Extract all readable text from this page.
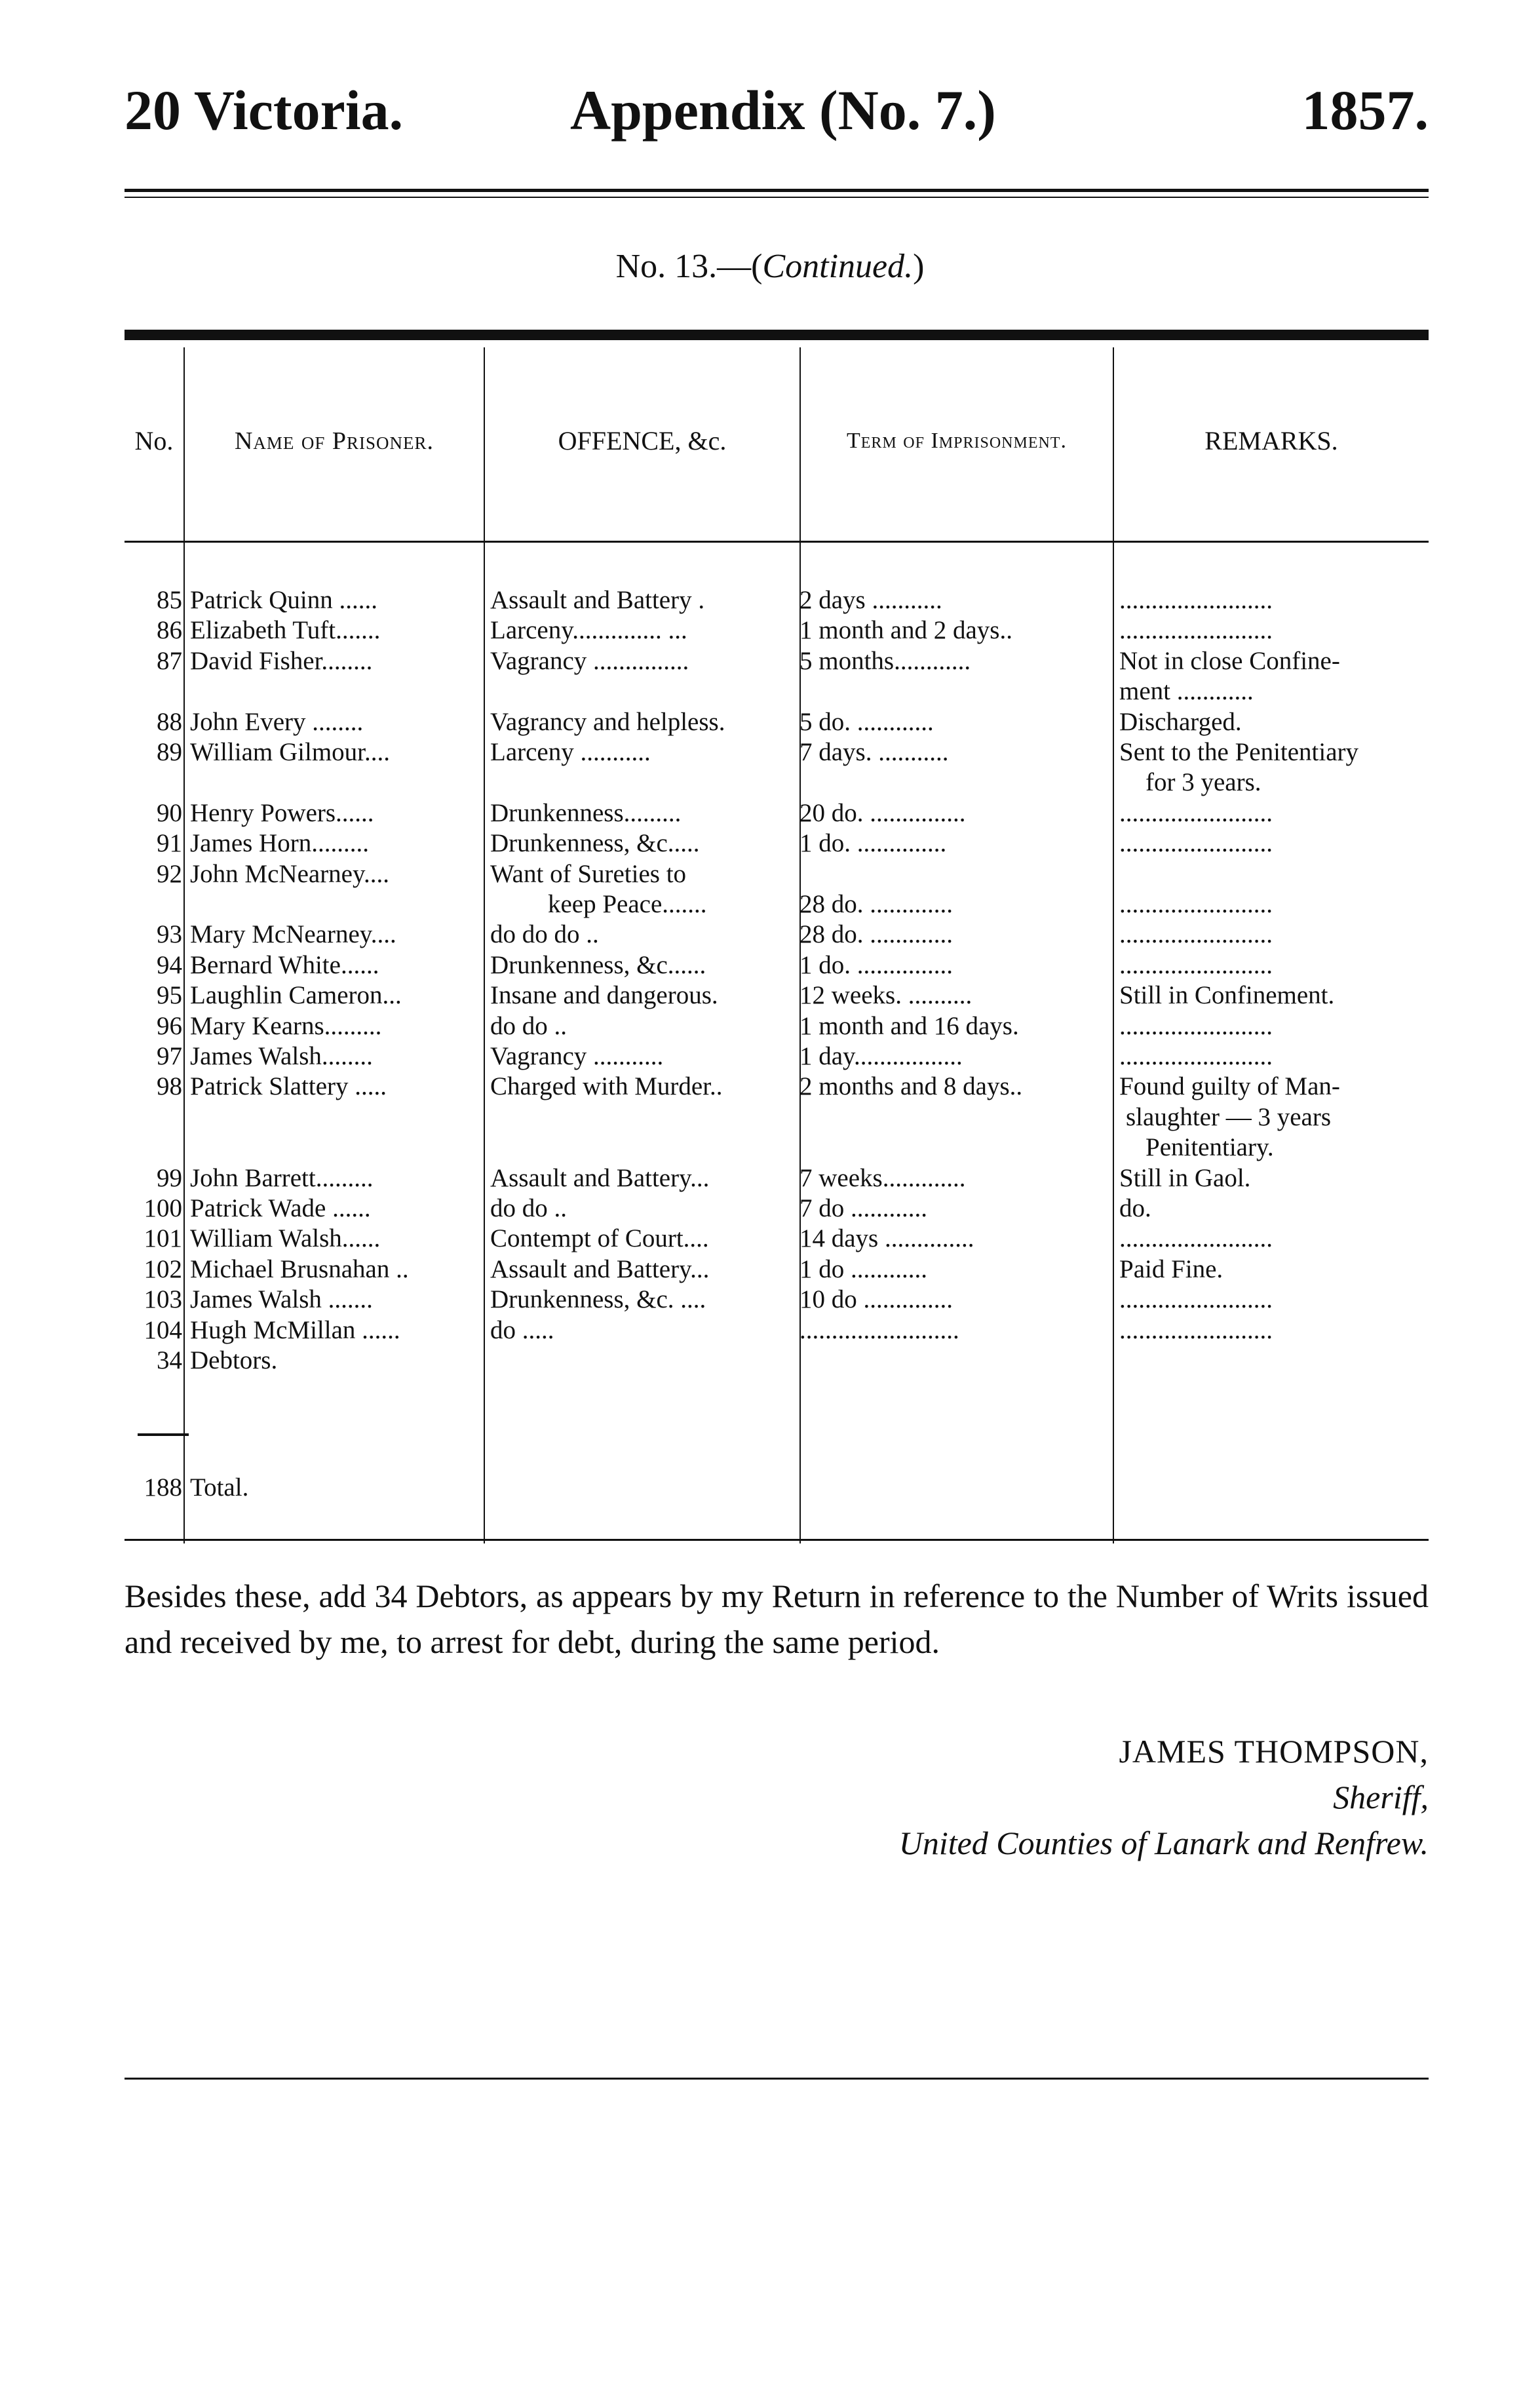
20 Victoria.	Appendix (No. 7.)	1857.
No. 13.—(Continued.)
No.	Name of Prisoner.	OFFENCE, &c.	Term of Imprisonment.	REMARKS.
85 Patrick Quinn ......	Assault and Battery .	2 days ...........	........................
86 Elizabeth Tuft.......	Larceny.............. ...	1 month and 2 days..	........................
87 David Fisher........	Vagrancy ...............	5 months............	Not in close Confine-
ment ............
88 John Every ........	Vagrancy and helpless.	5 do. ............	Discharged.
89 William Gilmour....	Larceny ...........	7 days. ...........	Sent to the Penitentiary
for 3 years.
90 Henry Powers......	Drunkenness.........	20 do. ...............	........................
91 James Horn.........	Drunkenness, &c.....	1 do. ..............	........................
92 John McNearney....	Want of Sureties to
keep Peace.......	28 do. .............	........................
93 Mary McNearney....	do do do ..	28 do. .............	........................
94 Bernard White......	Drunkenness, &c......	1 do. ...............	........................
95 Laughlin Cameron...	Insane and dangerous.	12 weeks. ..........	Still in Confinement.
96 Mary Kearns.........	do do ..	1 month and 16 days.	........................
97 James Walsh........	Vagrancy ...........	1 day.................	........................
98 Patrick Slattery .....	Charged with Murder..	2 months and 8 days..	Found guilty of Man-
slaughter — 3 years
Penitentiary.
99 John Barrett.........	Assault and Battery...	7 weeks.............	Still in Gaol.
100 Patrick Wade ......	do do ..	7 do ............	do.
101 William Walsh......	Contempt of Court....	14 days ..............	........................
102 Michael Brusnahan ..	Assault and Battery...	1 do ............	Paid Fine.
103 James Walsh .......	Drunkenness, &c. ....	10 do ..............	........................
104 Hugh McMillan ......	do .....	.........................	........................
34 Debtors.
188 Total.
Besides these, add 34 Debtors, as appears by my Return in reference to the Number of Writs issued and received by me, to arrest for debt, during the same period.
JAMES THOMPSON,
Sheriff,
United Counties of Lanark and Renfrew.
